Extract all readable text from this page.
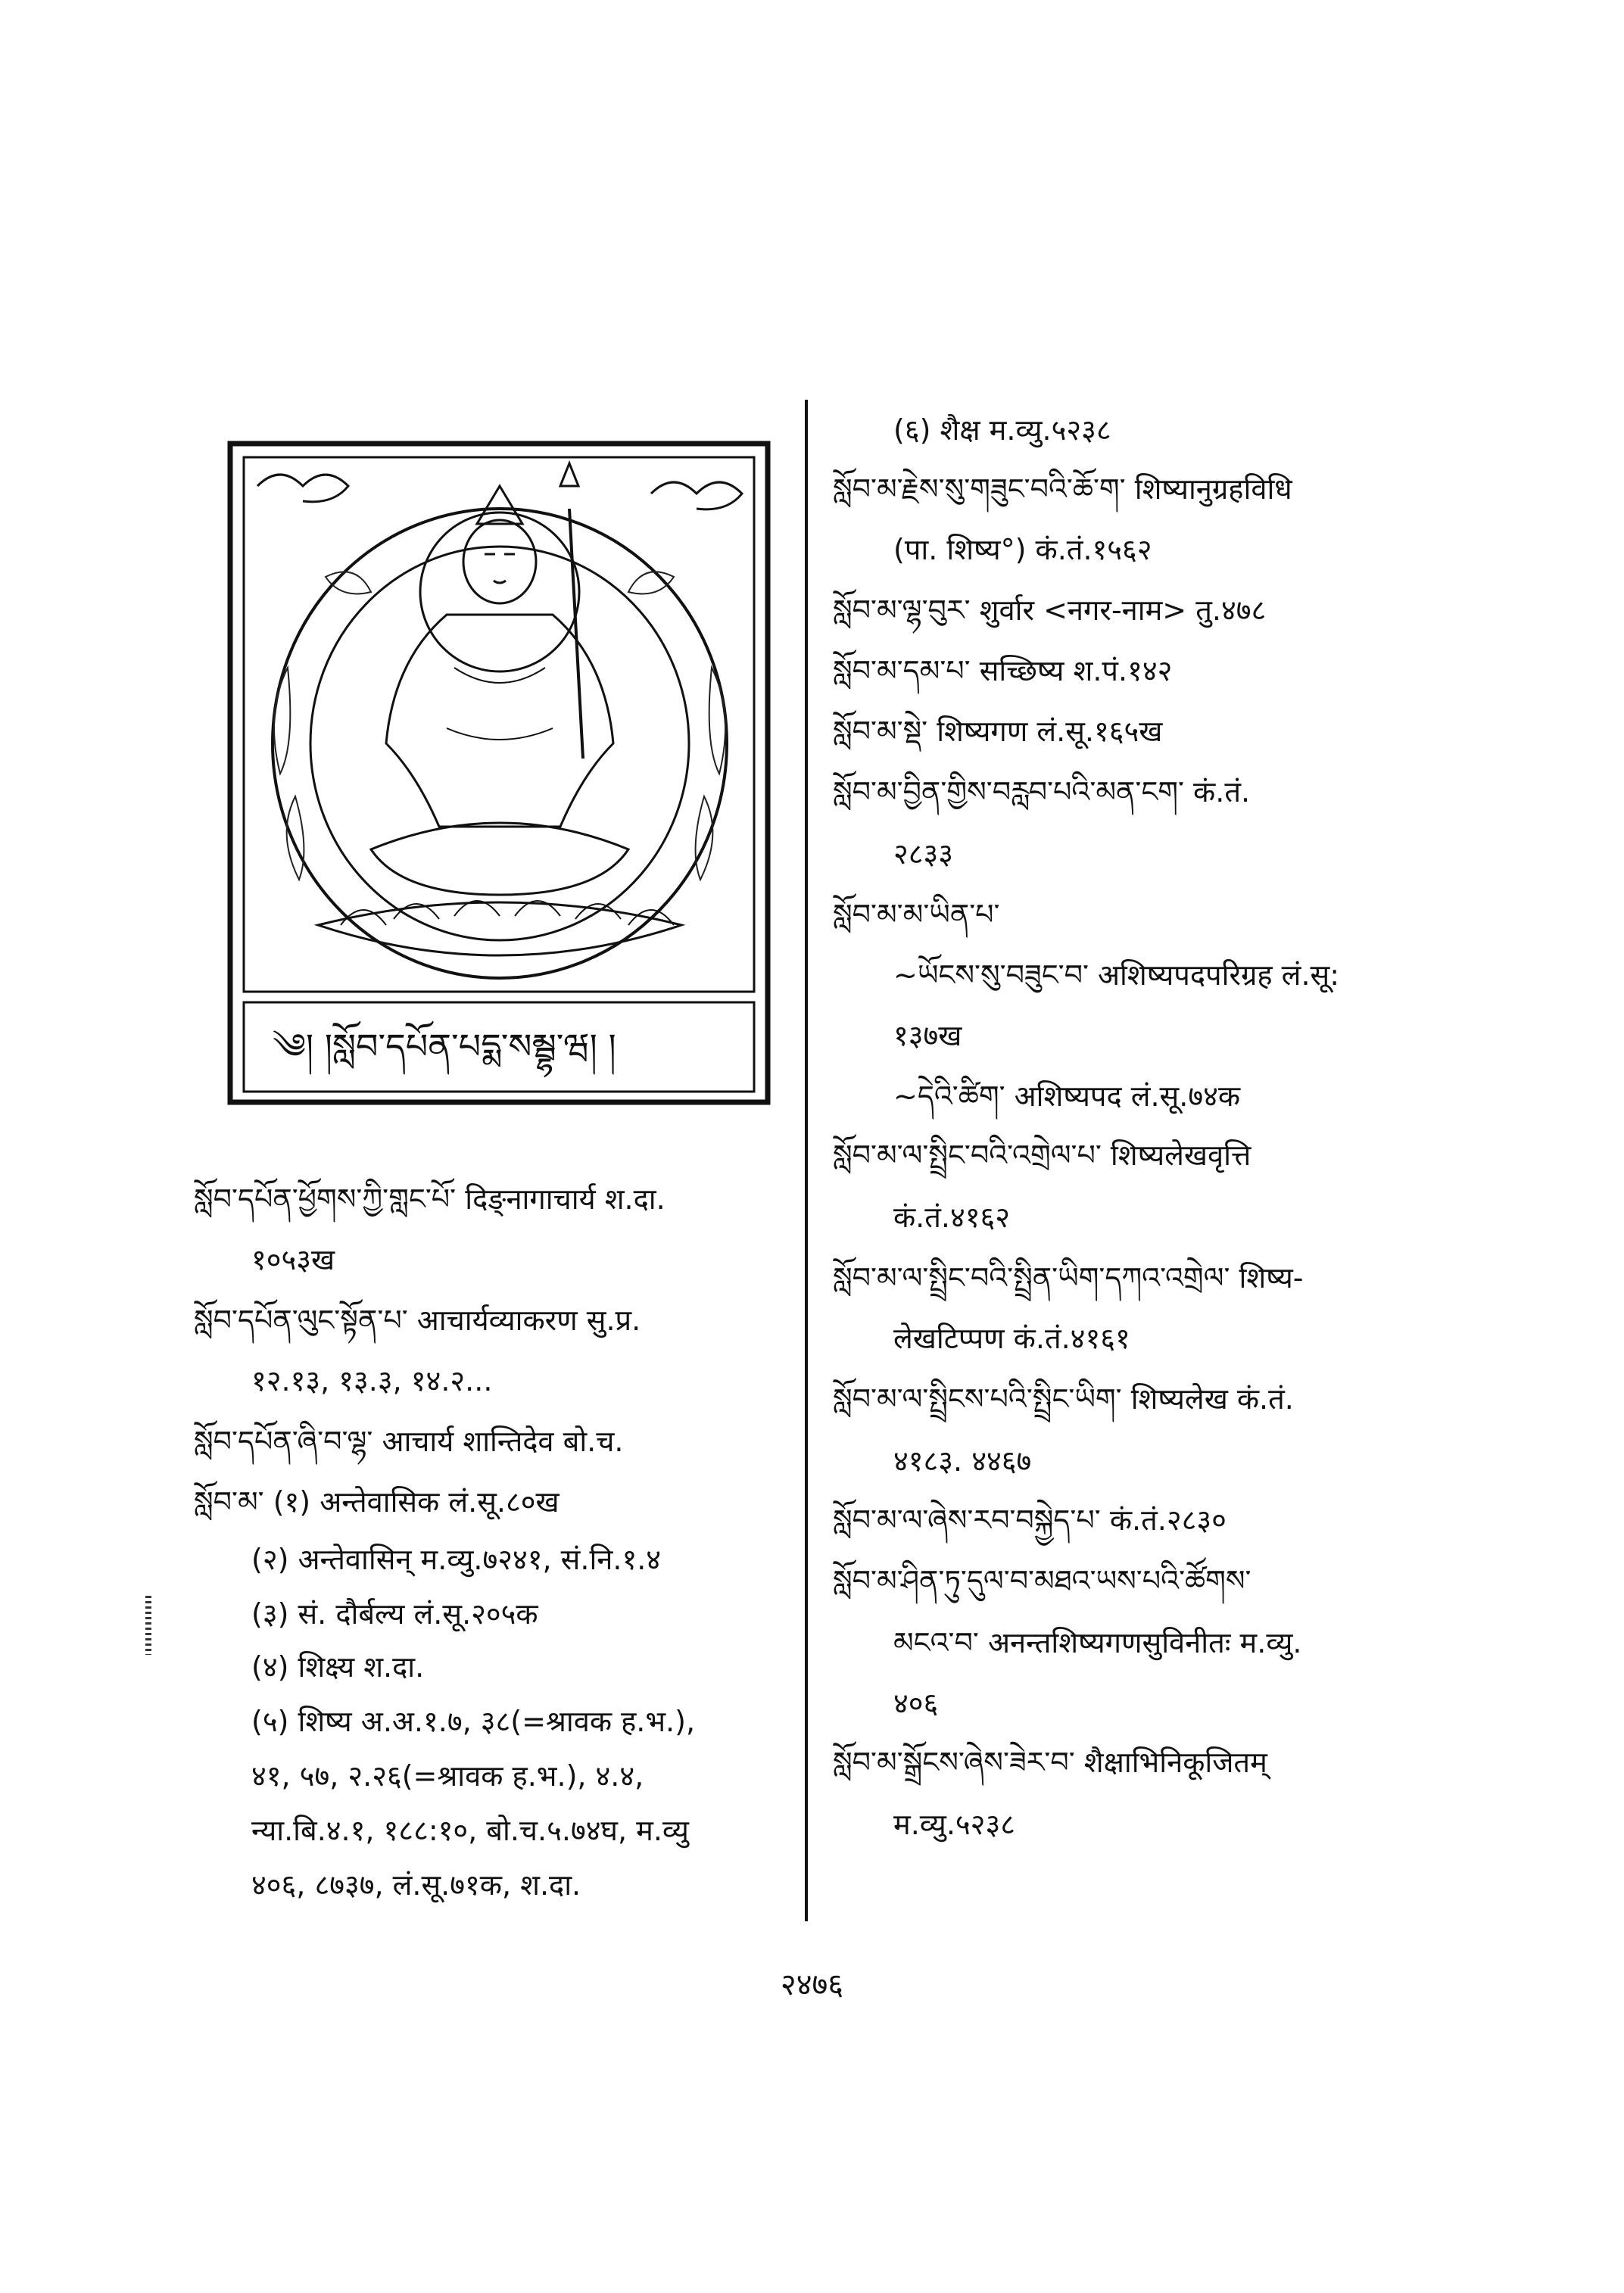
༄། །སློབ་དཔོན་པདྨ་སམྦྷ་ཝ། །
སློབ་དཔོན་ཕྱོགས་ཀྱི་གླང་པོ་ दिङ्नागाचार्य श.दा.
१०५३ख
སློབ་དཔོན་ལུང་སྟོན་པ་ आचार्यव्याकरण सु.प्र.
१२.१३, १३.३, १४.२...
སློབ་དཔོན་ཞི་བ་ལྷ་ आचार्य शान्तिदेव बो.च.
སློབ་མ་ (१) अन्तेवासिक लं.सू.८०ख
(२) अन्तेवासिन् म.व्यु.७२४१, सं.नि.१.४
(३) सं. दौर्बल्य लं.सू.२०५क
(४) शिक्ष्य श.दा.
(५) शिष्य अ.अ.१.७, ३८(=श्रावक ह.भ.),
४१, ५७, २.२६(=श्रावक ह.भ.), ४.४,
न्या.बि.४.१, १८८:१०, बो.च.५.७४घ, म.व्यु
४०६, ८७३७, लं.सू.७१क, श.दा.
(६) शैक्ष म.व्यु.५२३८
སློབ་མ་རྗེས་སུ་གཟུང་བའི་ཆོ་ག་ शिष्यानुग्रहविधि
(पा. शिष्य°) कं.तं.१५६२
སློབ་མ་ལྷ་བུར་ शुर्वार <नगर-नाम> तु.४७८
སློབ་མ་དམ་པ་ सच्छिष्य श.पं.१४२
སློབ་མ་སྡེ་ शिष्यगण लं.सू.१६५ख
སློབ་མ་བྱིན་གྱིས་བརླབ་པའི་མན་ངག་ कं.तं.
२८३३
སློབ་མ་མ་ཡིན་པ་
~ཡོངས་སུ་བཟུང་བ་ अशिष्यपदपरिग्रह लं.सू:
१३७ख
~དེའི་ཚིག་ अशिष्यपद लं.सू.७४क
སློབ་མ་ལ་སྤྲིང་བའི་འགྲེལ་པ་ शिष्यलेखवृत्ति
कं.तं.४१६२
སློབ་མ་ལ་སྤྲིང་བའི་སྤྲིན་ཡིག་དཀའ་འགྲེལ་ शिष्य-
लेखटिप्पण कं.तं.४१६१
སློབ་མ་ལ་སྤྲིངས་པའི་སྤྲིང་ཡིག་ शिष्यलेख कं.तं.
४१८३. ४४६७
སློབ་མ་ལ་ཞེས་རབ་བསྐྱེད་པ་ कं.तं.२८३०
སློབ་མ་ཤིན་ཏུ་དུལ་བ་མཐའ་ཡས་པའི་ཚོགས་
མངའ་བ་ अनन्तशिष्यगणसुविनीतः म.व्यु.
४०६
སློབ་མ་སྒྲོངས་ཞེས་ཟེར་བ་ शैक्षाभिनिकूजितम्
म.व्यु.५२३८
२४७६
